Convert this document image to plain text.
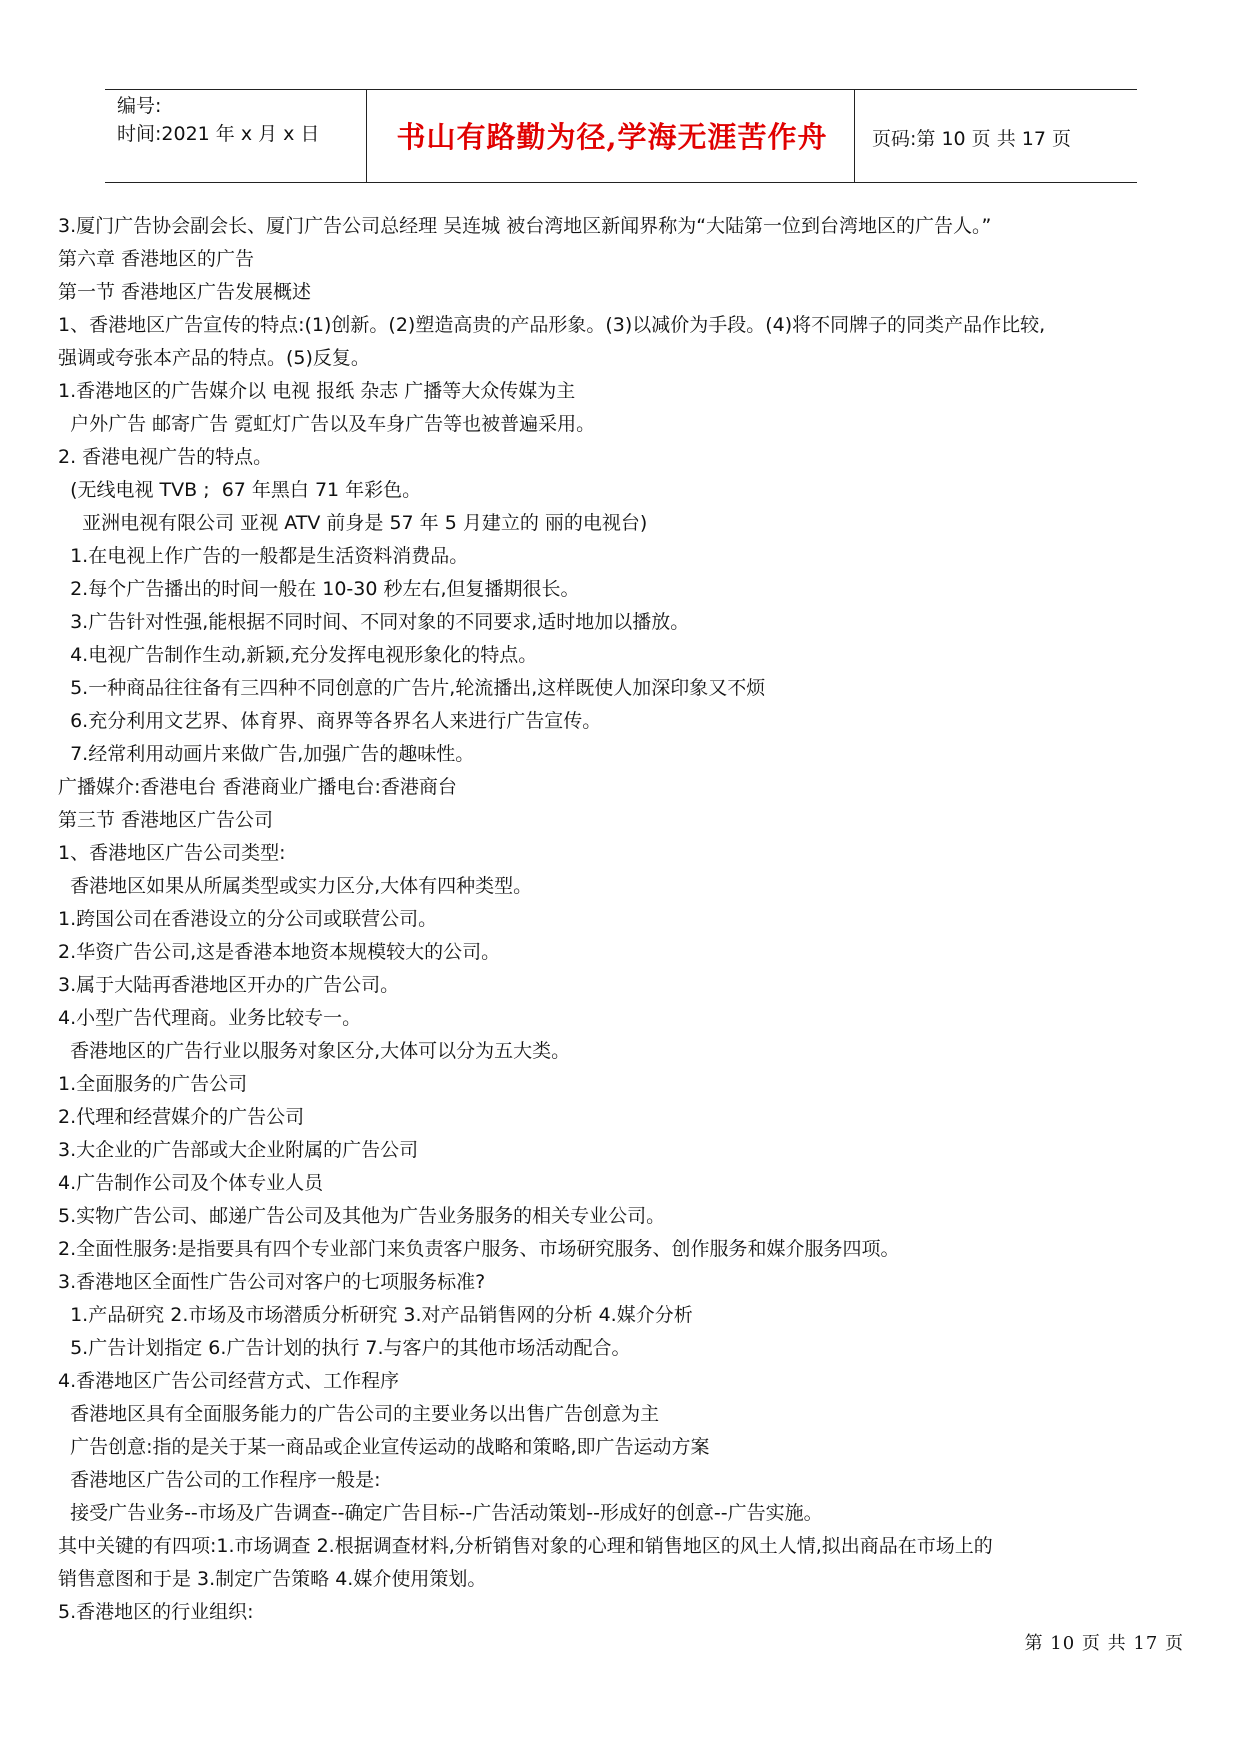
编号:
时间:2021 年 x 月 x 日	书山有路勤为径,学海无涯苦作舟	页码:第 10 页 共 17 页
3.厦门广告协会副会长、厦门广告公司总经理 吴连城 被台湾地区新闻界称为“大陆第一位到台湾地区的广告人。”
第六章 香港地区的广告
第一节 香港地区广告发展概述
1、香港地区广告宣传的特点:(1)创新。(2)塑造高贵的产品形象。(3)以减价为手段。(4)将不同牌子的同类产品作比较,
强调或夸张本产品的特点。(5)反复。
1.香港地区的广告媒介以 电视 报纸 杂志 广播等大众传媒为主
户外广告 邮寄广告 霓虹灯广告以及车身广告等也被普遍采用。
2. 香港电视广告的特点。
(无线电视 TVB ;  67 年黑白 71 年彩色。
亚洲电视有限公司 亚视 ATV 前身是 57 年 5 月建立的 丽的电视台)
1.在电视上作广告的一般都是生活资料消费品。
2.每个广告播出的时间一般在 10-30 秒左右,但复播期很长。
3.广告针对性强,能根据不同时间、不同对象的不同要求,适时地加以播放。
4.电视广告制作生动,新颖,充分发挥电视形象化的特点。
5.一种商品往往备有三四种不同创意的广告片,轮流播出,这样既使人加深印象又不烦
6.充分利用文艺界、体育界、商界等各界名人来进行广告宣传。
7.经常利用动画片来做广告,加强广告的趣味性。
广播媒介:香港电台 香港商业广播电台:香港商台
第三节 香港地区广告公司
1、香港地区广告公司类型:
香港地区如果从所属类型或实力区分,大体有四种类型。
1.跨国公司在香港设立的分公司或联营公司。
2.华资广告公司,这是香港本地资本规模较大的公司。
3.属于大陆再香港地区开办的广告公司。
4.小型广告代理商。业务比较专一。
香港地区的广告行业以服务对象区分,大体可以分为五大类。
1.全面服务的广告公司
2.代理和经营媒介的广告公司
3.大企业的广告部或大企业附属的广告公司
4.广告制作公司及个体专业人员
5.实物广告公司、邮递广告公司及其他为广告业务服务的相关专业公司。
2.全面性服务:是指要具有四个专业部门来负责客户服务、市场研究服务、创作服务和媒介服务四项。
3.香港地区全面性广告公司对客户的七项服务标准?
1.产品研究 2.市场及市场潜质分析研究 3.对产品销售网的分析 4.媒介分析
5.广告计划指定 6.广告计划的执行 7.与客户的其他市场活动配合。
4.香港地区广告公司经营方式、工作程序
香港地区具有全面服务能力的广告公司的主要业务以出售广告创意为主
广告创意:指的是关于某一商品或企业宣传运动的战略和策略,即广告运动方案
香港地区广告公司的工作程序一般是:
接受广告业务--市场及广告调查--确定广告目标--广告活动策划--形成好的创意--广告实施。
其中关键的有四项:1.市场调查 2.根据调查材料,分析销售对象的心理和销售地区的风土人情,拟出商品在市场上的
销售意图和于是 3.制定广告策略 4.媒介使用策划。
5.香港地区的行业组织:
第 10 页 共 17 页
